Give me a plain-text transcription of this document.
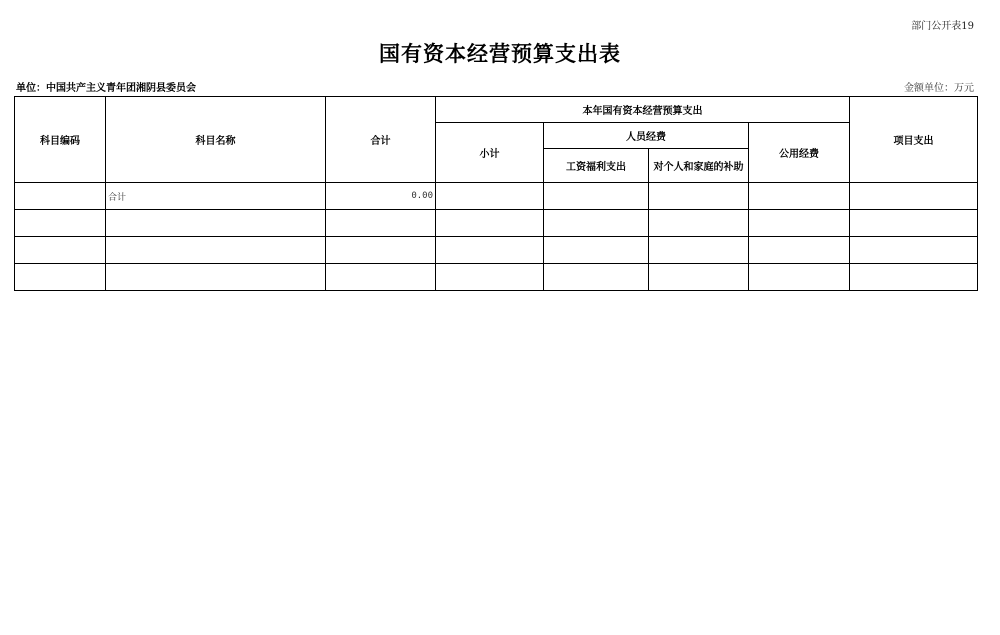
部门公开表19
国有资本经营预算支出表
单位：中国共产主义青年团湘阴县委员会	金额单位：万元
科目编码	科目名称	合计	本年国有资本经营预算支出				项目支出
			小计	人员经费		公用经费	
				工资福利支出	对个人和家庭的补助		
	合计	0.00					
